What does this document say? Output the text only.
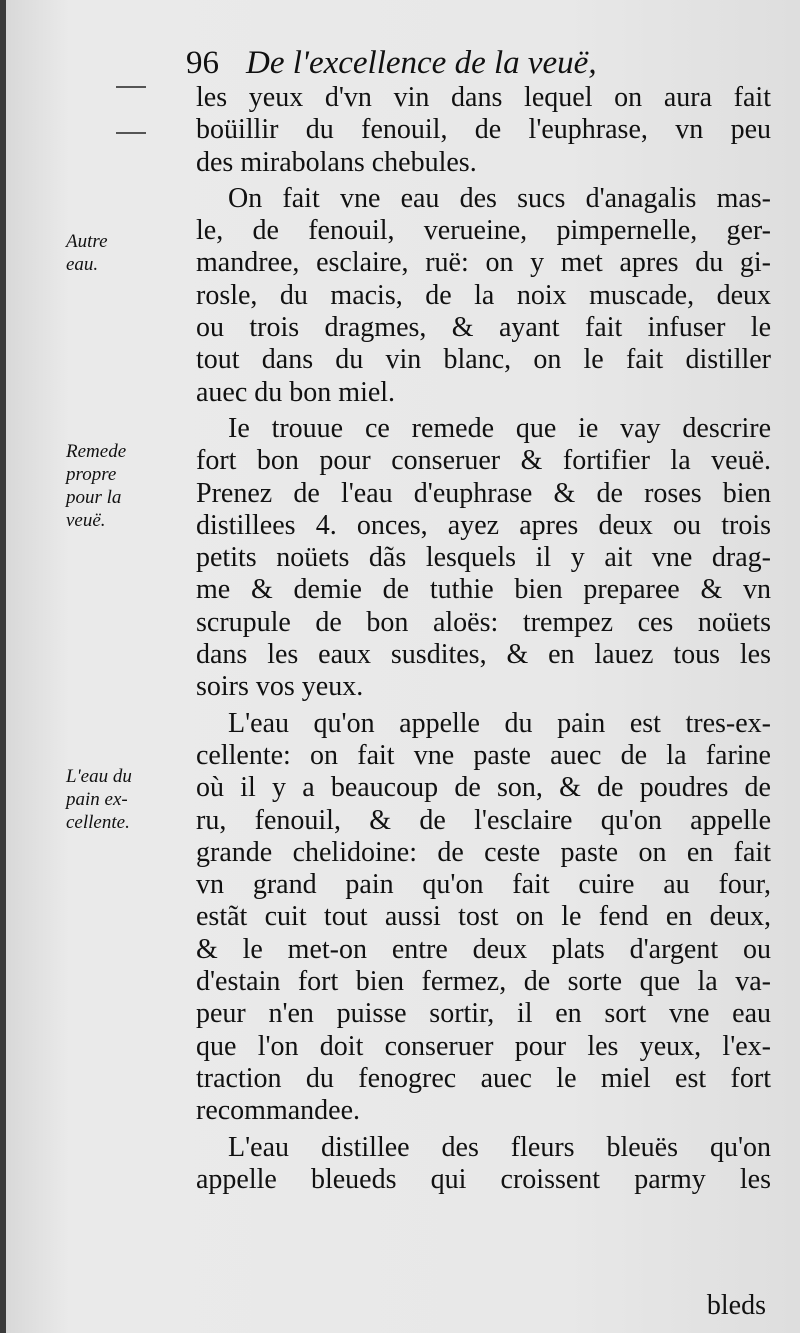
96 De l'excellence de la veuë,
Autre
eau.
Remede
propre
pour la
veuë.
L'eau du
pain ex-
cellente.
les yeux d'vn vin dans lequel on aura fait
boüillir du fenouil, de l'euphrase, vn peu
des mirabolans chebules.
On fait vne eau des sucs d'anagalis mas-
le, de fenouil, verueine, pimpernelle, ger-
mandree, esclaire, ruë: on y met apres du gi-
rosle, du macis, de la noix muscade, deux
ou trois dragmes, & ayant fait infuser le
tout dans du vin blanc, on le fait distiller
auec du bon miel.
Ie trouue ce remede que ie vay descrire
fort bon pour conseruer & fortifier la veuë.
Prenez de l'eau d'euphrase & de roses bien
distillees 4. onces, ayez apres deux ou trois
petits noüets dãs lesquels il y ait vne drag-
me & demie de tuthie bien preparee & vn
scrupule de bon aloës: trempez ces noüets
dans les eaux susdites, & en lauez tous les
soirs vos yeux.
L'eau qu'on appelle du pain est tres-ex-
cellente: on fait vne paste auec de la farine
où il y a beaucoup de son, & de poudres de
ru, fenouil, & de l'esclaire qu'on appelle
grande chelidoine: de ceste paste on en fait
vn grand pain qu'on fait cuire au four,
estãt cuit tout aussi tost on le fend en deux,
& le met-on entre deux plats d'argent ou
d'estain fort bien fermez, de sorte que la va-
peur n'en puisse sortir, il en sort vne eau
que l'on doit conseruer pour les yeux, l'ex-
traction du fenogrec auec le miel est fort
recommandee.
L'eau distillee des fleurs bleuës qu'on
appelle bleueds qui croissent parmy les
bleds
